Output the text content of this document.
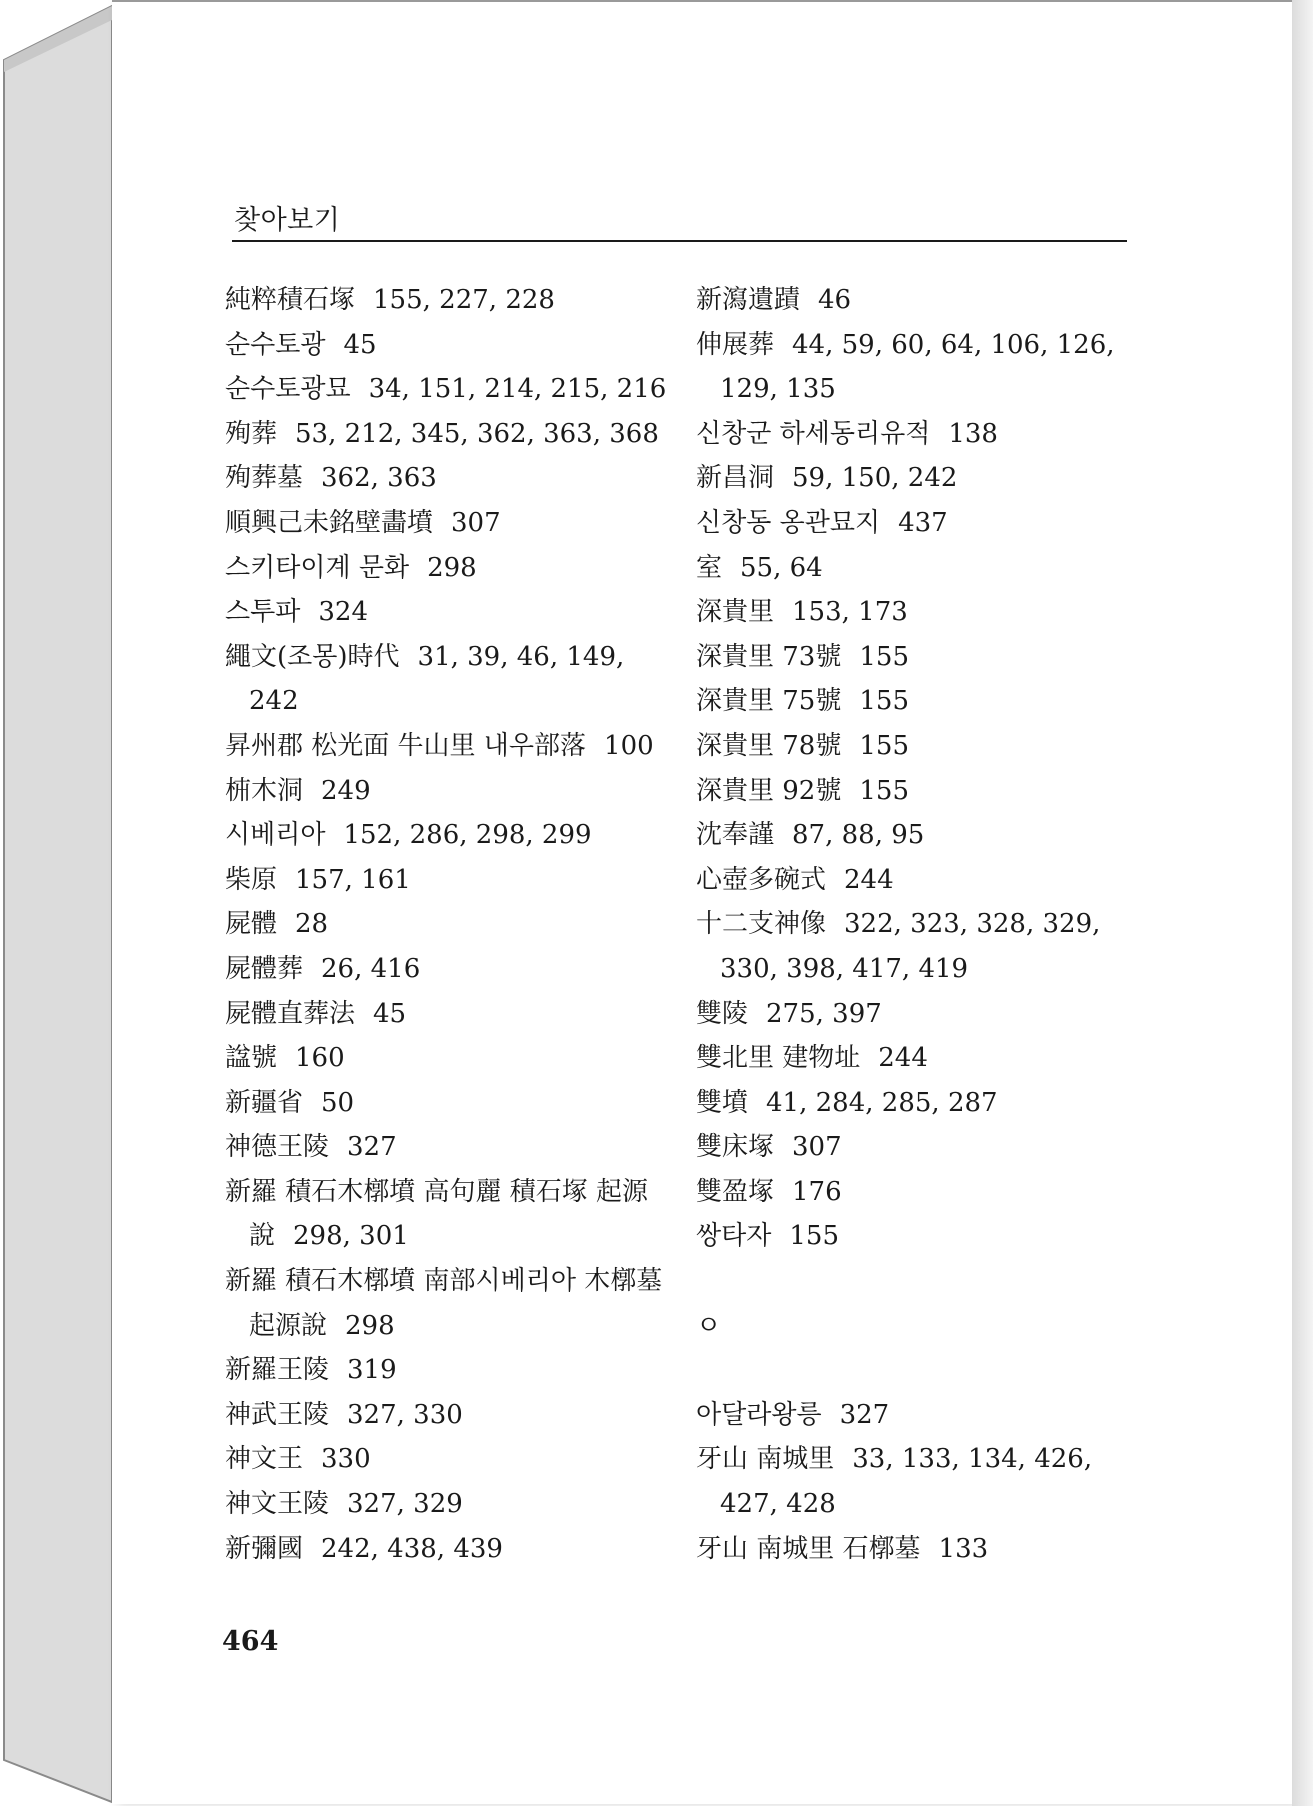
찾아보기
純粹積石塚 155, 227, 228
순수토광 45
순수토광묘 34, 151, 214, 215, 216
殉葬 53, 212, 345, 362, 363, 368
殉葬墓 362, 363
順興己未銘壁畵墳 307
스키타이계 문화 298
스투파 324
繩文(조몽)時代 31, 39, 46, 149, 242
昇州郡 松光面 牛山里 내우部落 100
枾木洞 249
시베리아 152, 286, 298, 299
柴原 157, 161
屍體 28
屍體葬 26, 416
屍體直葬法 45
諡號 160
新疆省 50
神德王陵 327
新羅 積石木槨墳 高句麗 積石塚 起源說 298, 301
新羅 積石木槨墳 南部시베리아 木槨墓 起源說 298
新羅王陵 319
神武王陵 327, 330
神文王 330
神文王陵 327, 329
新彌國 242, 438, 439
新瀉遺蹟 46
伸展葬 44, 59, 60, 64, 106, 126, 129, 135
신창군 하세동리유적 138
新昌洞 59, 150, 242
신창동 옹관묘지 437
室 55, 64
深貴里 153, 173
深貴里 73號 155
深貴里 75號 155
深貴里 78號 155
深貴里 92號 155
沈奉謹 87, 88, 95
心壺多碗式 244
十二支神像 322, 323, 328, 329, 330, 398, 417, 419
雙陵 275, 397
雙北里 建物址 244
雙墳 41, 284, 285, 287
雙床塚 307
雙盈塚 176
쌍타자 155
ㅇ
아달라왕릉 327
牙山 南城里 33, 133, 134, 426, 427, 428
牙山 南城里 石槨墓 133
464
